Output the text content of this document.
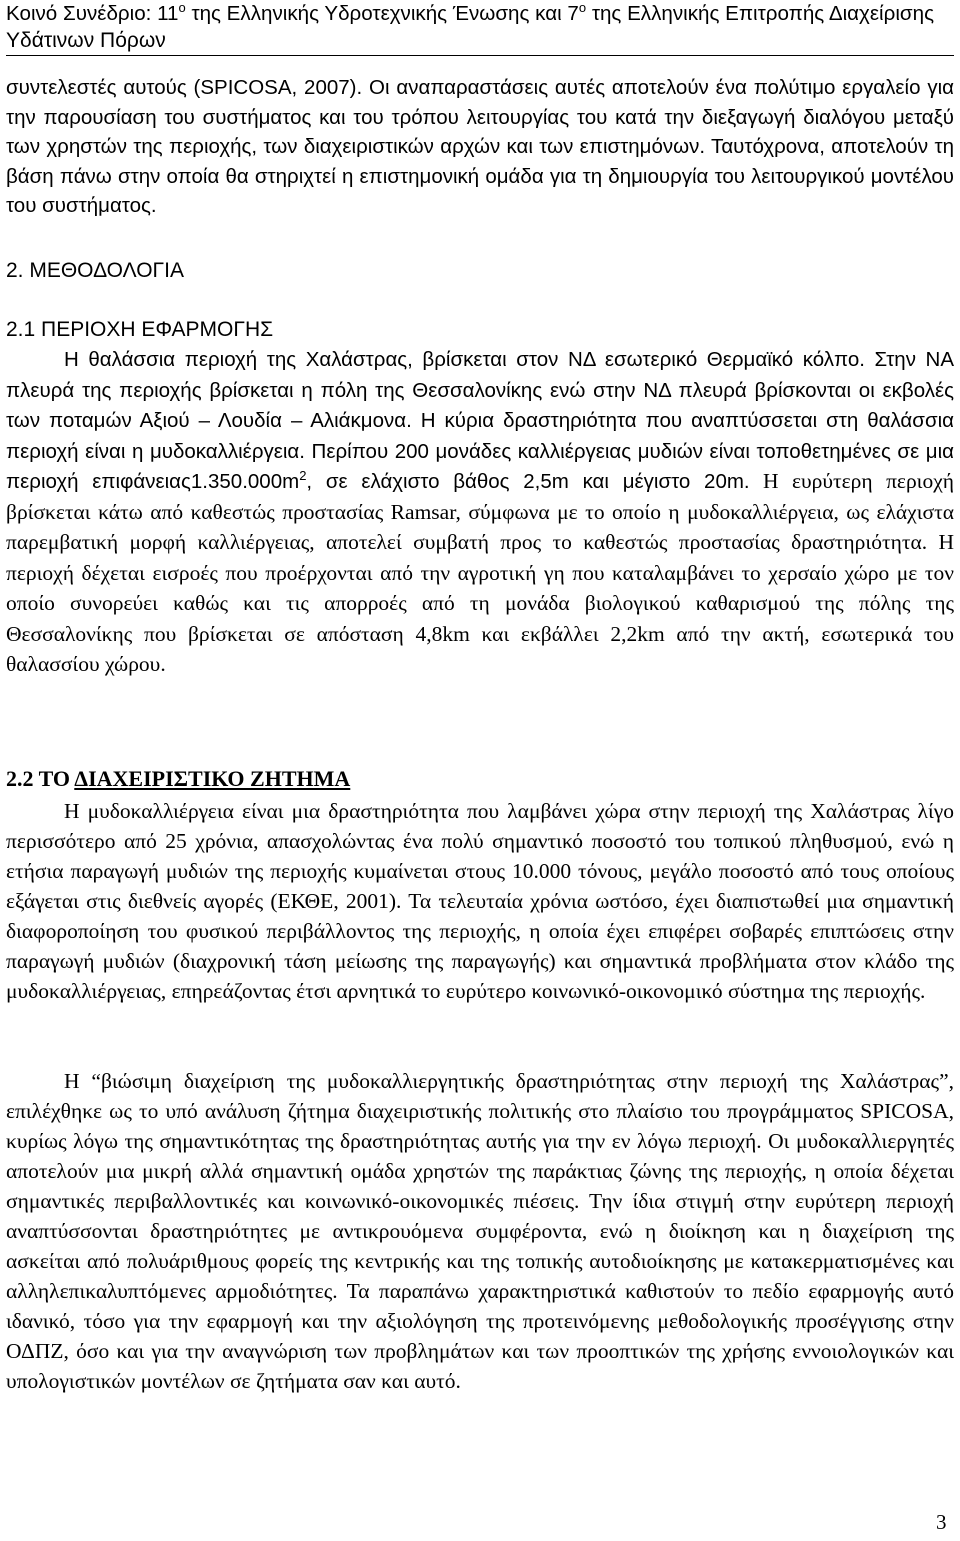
Κοινό Συνέδριο: $11^o$ της Ελληνικής Υδροτεχνικής Ένωσης και $7^o$ της Ελληνικής Επιτροπής Διαχείρισης
Υδάτινων Πόρων

συντελεστές αυτούς (SPICOSA, 2007). Οι αναπαραστάσεις αυτές αποτελούν ένα πολύτιμο εργαλείο για την παρουσίαση του συστήματος και του τρόπου λειτουργίας του κατά την διεξαγωγή διαλόγου μεταξύ των χρηστών της περιοχής, των διαχειριστικών αρχών και των επιστημόνων. Ταυτόχρονα, αποτελούν τη βάση πάνω στην οποία θα στηριχτεί η επιστημονική ομάδα για τη δημιουργία του λειτουργικού μοντέλου του συστήματος.

2. ΜΕΘΟΔΟΛΟΓΙΑ
2.1 ΠΕΡΙΟΧΗ ΕΦΑΡΜΟΓΗΣ

Η θαλάσσια περιοχή της Χαλάστρας, βρίσκεται στον ΝΔ εσωτερικό Θερμαϊκό κόλπο. Στην ΝΑ πλευρά της περιοχής βρίσκεται η πόλη της Θεσσαλονίκης ενώ στην ΝΔ πλευρά βρίσκονται οι εκβολές των ποταμών Αξιού – Λουδία – Αλιάκμονα. Η κύρια δραστηριότητα που αναπτύσσεται στη θαλάσσια περιοχή είναι η μυδοκαλλιέργεια. Περίπου 200 μονάδες καλλιέργειας μυδιών είναι τοποθετημένες σε μια περιοχή $\varepsilon\pi\iota\varphi ά\nu\varepsilon\iota\alpha\varsigma 1.350.000m^2$, σε ελάχιστο βάθος 2,5m και μέγιστο 20m. Η ευρύτερη περιοχή βρίσκεται κάτω από καθεστώς προστασίας Ramsar, σύμφωνα με το οποίο η μυδοκαλλιέργεια, ως ελάχιστα παρεμβατική μορφή καλλιέργειας, αποτελεί συμβατή προς το καθεστώς προστασίας δραστηριότητα. Η περιοχή δέχεται εισροές που προέρχονται από την αγροτική γη που καταλαμβάνει το χερσαίο χώρο με τον οποίο συνορεύει καθώς και τις απορροές από τη μονάδα βιολογικού καθαρισμού της πόλης της Θεσσαλονίκης που βρίσκεται σε απόσταση 4,8km και εκβάλλει 2,2km από την ακτή, εσωτερικά του θαλασσίου χώρου.

2.2 ΤΟ ΔΙΑΧΕΙΡΙΣΤΙΚΟ ΖΗΤΗΜΑ

Η μυδοκαλλιέργεια είναι μια δραστηριότητα που λαμβάνει χώρα στην περιοχή της Χαλάστρας λίγο περισσότερο από 25 χρόνια, απασχολώντας ένα πολύ σημαντικό ποσοστό του τοπικού πληθυσμού, ενώ η ετήσια παραγωγή μυδιών της περιοχής κυμαίνεται στους 10.000 τόνους, μεγάλο ποσοστό από τους οποίους εξάγεται στις διεθνείς αγορές (ΕΚΘΕ, 2001). Τα τελευταία χρόνια ωστόσο, έχει διαπιστωθεί μια σημαντική διαφοροποίηση του φυσικού περιβάλλοντος της περιοχής, η οποία έχει επιφέρει σοβαρές επιπτώσεις στην παραγωγή μυδιών (διαχρονική τάση μείωσης της παραγωγής) και σημαντικά προβλήματα στον κλάδο της μυδοκαλλιέργειας, επηρεάζοντας έτσι αρνητικά το ευρύτερο κοινωνικό-οικονομικό σύστημα της περιοχής.

Η “βιώσιμη διαχείριση της μυδοκαλλιεργητικής δραστηριότητας στην περιοχή της Χαλάστρας”, επιλέχθηκε ως το υπό ανάλυση ζήτημα διαχειριστικής πολιτικής στο πλαίσιο του προγράμματος SPICOSA, κυρίως λόγω της σημαντικότητας της δραστηριότητας αυτής για την εν λόγω περιοχή. Οι μυδοκαλλιεργητές αποτελούν μια μικρή αλλά σημαντική ομάδα χρηστών της παράκτιας ζώνης της περιοχής, η οποία δέχεται σημαντικές περιβαλλοντικές και κοινωνικό-οικονομικές πιέσεις. Την ίδια στιγμή στην ευρύτερη περιοχή αναπτύσσονται δραστηριότητες με αντικρουόμενα συμφέροντα, ενώ η διοίκηση και η διαχείριση της ασκείται από πολυάριθμους φορείς της κεντρικής και της τοπικής αυτοδιοίκησης με κατακερματισμένες και αλληλεπικαλυπτόμενες αρμοδιότητες. Τα παραπάνω χαρακτηριστικά καθιστούν το πεδίο εφαρμογής αυτό ιδανικό, τόσο για την εφαρμογή και την αξιολόγηση της προτεινόμενης μεθοδολογικής προσέγγισης στην ΟΔΠΖ, όσο και για την αναγνώριση των προβλημάτων και των προοπτικών της χρήσης εννοιολογικών και υπολογιστικών μοντέλων σε ζητήματα σαν και αυτό.

3
